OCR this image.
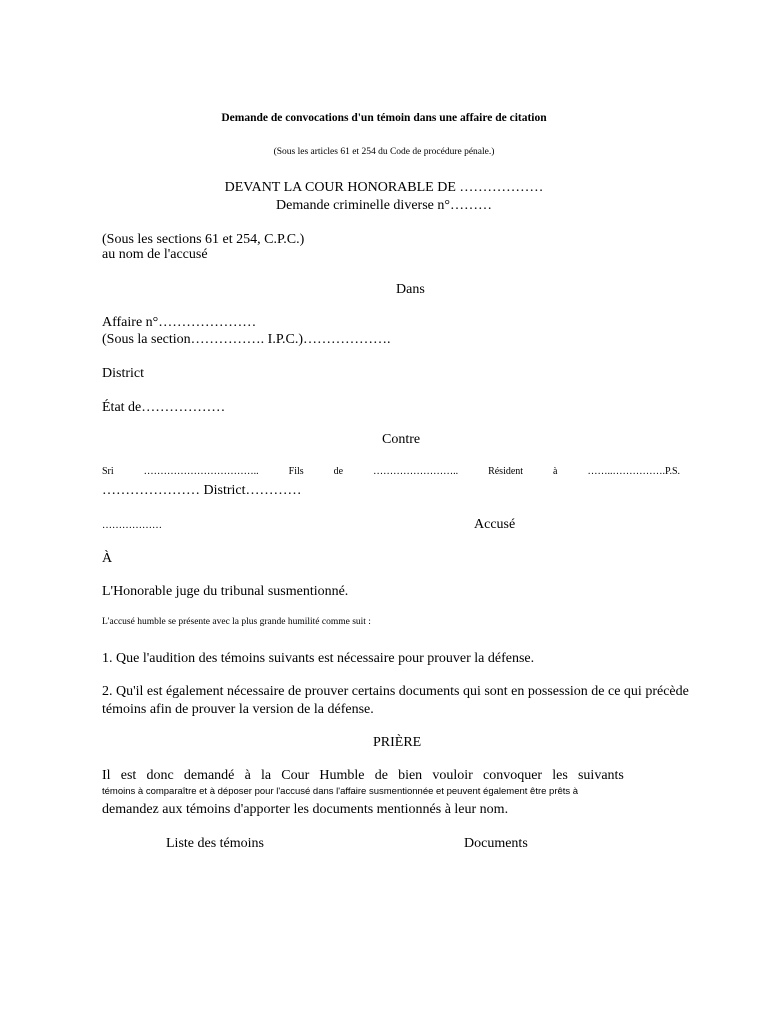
Demande de convocations d'un témoin dans une affaire de citation
(Sous les articles 61 et 254 du Code de procédure pénale.)
DEVANT LA COUR HONORABLE DE ………………
Demande criminelle diverse n°………
(Sous les sections 61 et 254, C.P.C.)
au nom de l'accusé
Dans
Affaire n°…………………
(Sous la section……………. I.P.C.)……………….
District
État de………………
Contre
Sri	……………………………..	Fils	de	……………………..	Résident	à	……..…………….P.S.
………………… District…………
………………	Accusé
À
L'Honorable juge du tribunal susmentionné.
L'accusé humble se présente avec la plus grande humilité comme suit :
1. Que l'audition des témoins suivants est nécessaire pour prouver la défense.
2. Qu'il est également nécessaire de prouver certains documents qui sont en possession de ce qui précède
témoins afin de prouver la version de la défense.
PRIÈRE
Il est donc demandé à la Cour Humble de bien vouloir convoquer les suivants
témoins à comparaître et à déposer pour l'accusé dans l'affaire susmentionnée et peuvent également être prêts à
demandez aux témoins d'apporter les documents mentionnés à leur nom.
Liste des témoins	Documents
